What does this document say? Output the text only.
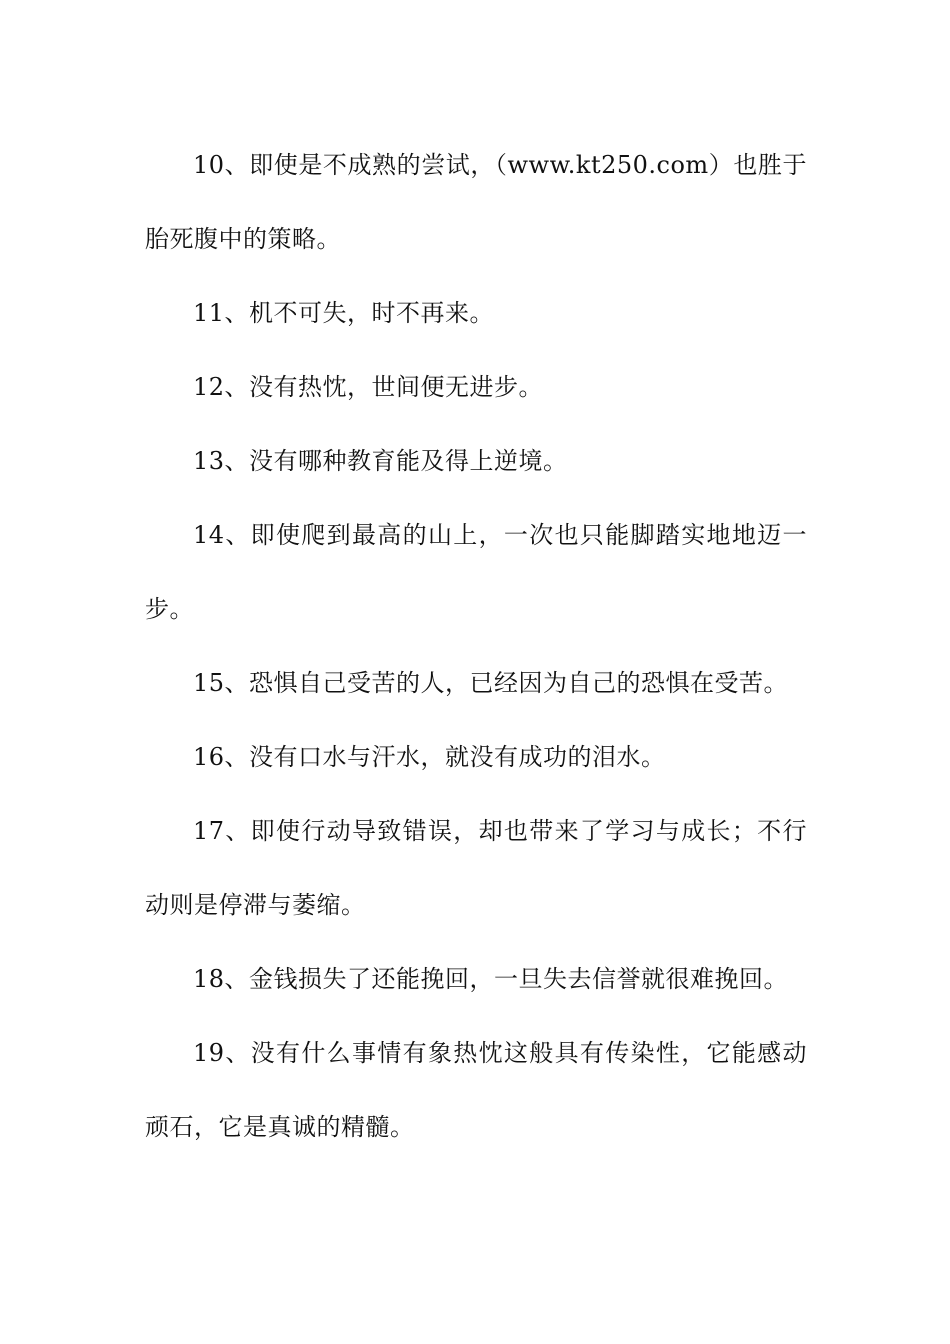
10、即使是不成熟的尝试，（www.kt250.com）也胜于胎死腹中的策略。

11、机不可失，时不再来。

12、没有热忱，世间便无进步。

13、没有哪种教育能及得上逆境。

14、即使爬到最高的山上，一次也只能脚踏实地地迈一步。

15、恐惧自己受苦的人，已经因为自己的恐惧在受苦。

16、没有口水与汗水，就没有成功的泪水。

17、即使行动导致错误，却也带来了学习与成长；不行动则是停滞与萎缩。

18、金钱损失了还能挽回，一旦失去信誉就很难挽回。

19、没有什么事情有象热忱这般具有传染性，它能感动顽石，它是真诚的精髓。
